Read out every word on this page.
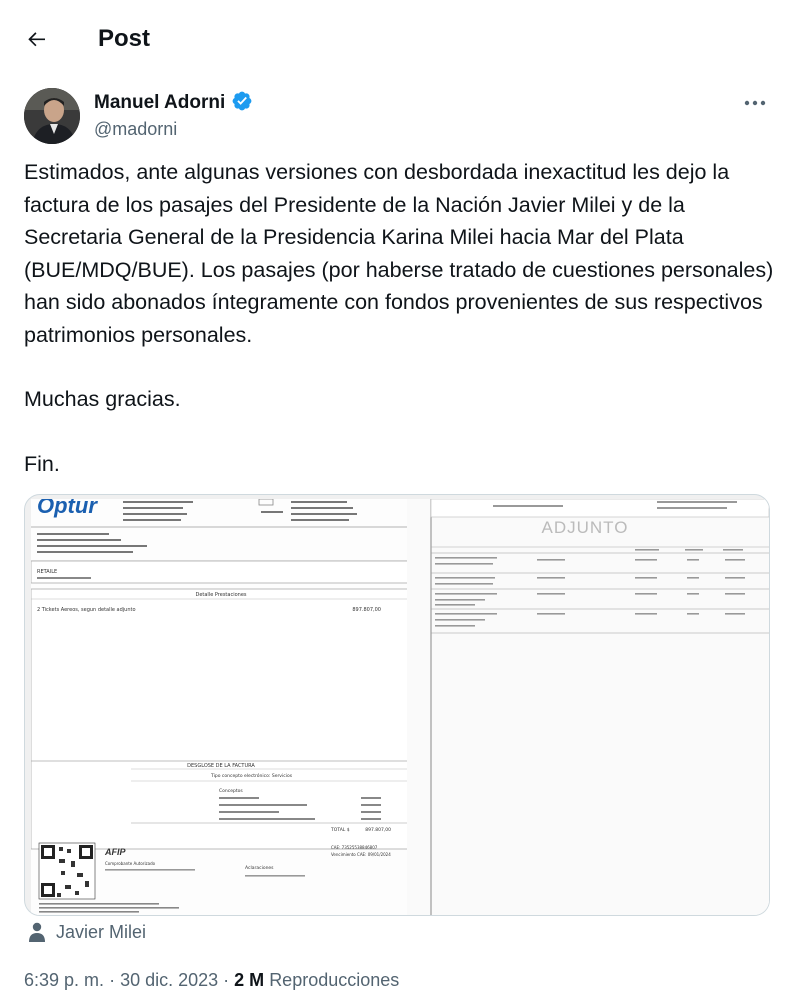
Post
Manuel Adorni
@madorni

Estimados, ante algunas versiones con desbordada inexactitud les dejo la factura de los pasajes del Presidente de la Nación Javier Milei y de la Secretaria General de la Presidencia Karina Milei hacia Mar del Plata (BUE/MDQ/BUE). Los pasajes (por haberse tratado de cuestiones personales) han sido abonados íntegramente con fondos provenientes de sus respectivos patrimonios personales.

Muchas gracias.

Fin.

Optur
RETAILE
Detalle Prestaciones
2 Tickets Aereos, segun detalle adjunto	897.807,00
DESGLOSE DE LA FACTURA
Tipo concepto electrónico: Servicios
Conceptos
TOTAL $	897.807,00
AFIP
Comprobante Autorizado
Aclaraciones
CAE: 73525538846807
Vencimiento CAE: 09/01/2024
ADJUNTO
Javier Milei
6:39 p. m. · 30 dic. 2023 · 2 M Reproducciones
